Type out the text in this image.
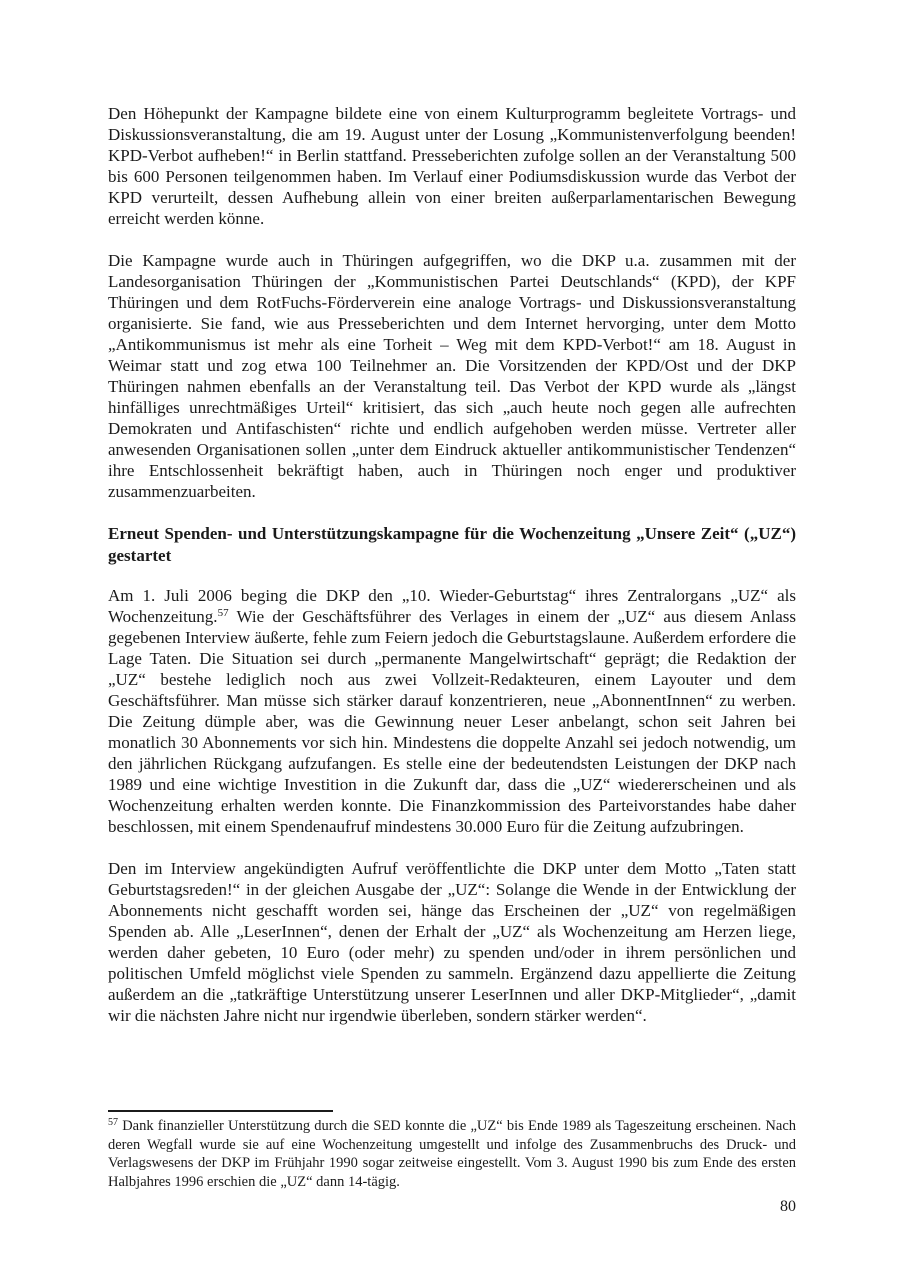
Den Höhepunkt der Kampagne bildete eine von einem Kulturprogramm begleitete Vortrags- und Diskussionsveranstaltung, die am 19. August unter der Losung „Kommunistenverfolgung beenden! KPD-Verbot aufheben!“ in Berlin stattfand. Presseberichten zufolge sollen an der Veranstaltung 500 bis 600 Personen teilgenommen haben. Im Verlauf einer Podiumsdiskussion wurde das Verbot der KPD verurteilt, dessen Aufhebung allein von einer breiten außerparlamentarischen Bewegung erreicht werden könne.

Die Kampagne wurde auch in Thüringen aufgegriffen, wo die DKP u.a. zusammen mit der Landesorganisation Thüringen der „Kommunistischen Partei Deutschlands“ (KPD), der KPF Thüringen und dem RotFuchs-Förderverein eine analoge Vortrags- und Diskussionsveranstaltung organisierte. Sie fand, wie aus Presseberichten und dem Internet hervorging, unter dem Motto „Antikommunismus ist mehr als eine Torheit – Weg mit dem KPD-Verbot!“ am 18. August in Weimar statt und zog etwa 100 Teilnehmer an. Die Vorsitzenden der KPD/Ost und der DKP Thüringen nahmen ebenfalls an der Veranstaltung teil. Das Verbot der KPD wurde als „längst hinfälliges unrechtmäßiges Urteil“ kritisiert, das sich „auch heute noch gegen alle aufrechten Demokraten und Antifaschisten“ richte und endlich aufgehoben werden müsse. Vertreter aller anwesenden Organisationen sollen „unter dem Eindruck aktueller antikommunistischer Tendenzen“ ihre Entschlossenheit bekräftigt haben, auch in Thüringen noch enger und produktiver zusammenzuarbeiten.

Erneut Spenden- und Unterstützungskampagne für die Wochenzeitung „Unsere Zeit“ („UZ“) gestartet

Am 1. Juli 2006 beging die DKP den „10. Wieder-Geburtstag“ ihres Zentralorgans „UZ“ als Wochenzeitung.$^{57}$ Wie der Geschäftsführer des Verlages in einem der „UZ“ aus diesem Anlass gegebenen Interview äußerte, fehle zum Feiern jedoch die Geburtstagslaune. Außerdem erfordere die Lage Taten. Die Situation sei durch „permanente Mangelwirtschaft“ geprägt; die Redaktion der „UZ“ bestehe lediglich noch aus zwei Vollzeit-Redakteuren, einem Layouter und dem Geschäftsführer. Man müsse sich stärker darauf konzentrieren, neue „AbonnentInnen“ zu werben. Die Zeitung dümple aber, was die Gewinnung neuer Leser anbelangt, schon seit Jahren bei monatlich 30 Abonnements vor sich hin. Mindestens die doppelte Anzahl sei jedoch notwendig, um den jährlichen Rückgang aufzufangen. Es stelle eine der bedeutendsten Leistungen der DKP nach 1989 und eine wichtige Investition in die Zukunft dar, dass die „UZ“ wiedererscheinen und als Wochenzeitung erhalten werden konnte. Die Finanzkommission des Parteivorstandes habe daher beschlossen, mit einem Spendenaufruf mindestens 30.000 Euro für die Zeitung aufzubringen.

Den im Interview angekündigten Aufruf veröffentlichte die DKP unter dem Motto „Taten statt Geburtstagsreden!“ in der gleichen Ausgabe der „UZ“: Solange die Wende in der Entwicklung der Abonnements nicht geschafft worden sei, hänge das Erscheinen der „UZ“ von regelmäßigen Spenden ab. Alle „LeserInnen“, denen der Erhalt der „UZ“ als Wochenzeitung am Herzen liege, werden daher gebeten, 10 Euro (oder mehr) zu spenden und/oder in ihrem persönlichen und politischen Umfeld möglichst viele Spenden zu sammeln. Ergänzend dazu appellierte die Zeitung außerdem an die „tatkräftige Unterstützung unserer LeserInnen und aller DKP-Mitglieder“, „damit wir die nächsten Jahre nicht nur irgendwie überleben, sondern stärker werden“.

$^{57}$ Dank finanzieller Unterstützung durch die SED konnte die „UZ“ bis Ende 1989 als Tageszeitung erscheinen. Nach deren Wegfall wurde sie auf eine Wochenzeitung umgestellt und infolge des Zusammenbruchs des Druck- und Verlagswesens der DKP im Frühjahr 1990 sogar zeitweise eingestellt. Vom 3. August 1990 bis zum Ende des ersten Halbjahres 1996 erschien die „UZ“ dann 14-tägig.

80
